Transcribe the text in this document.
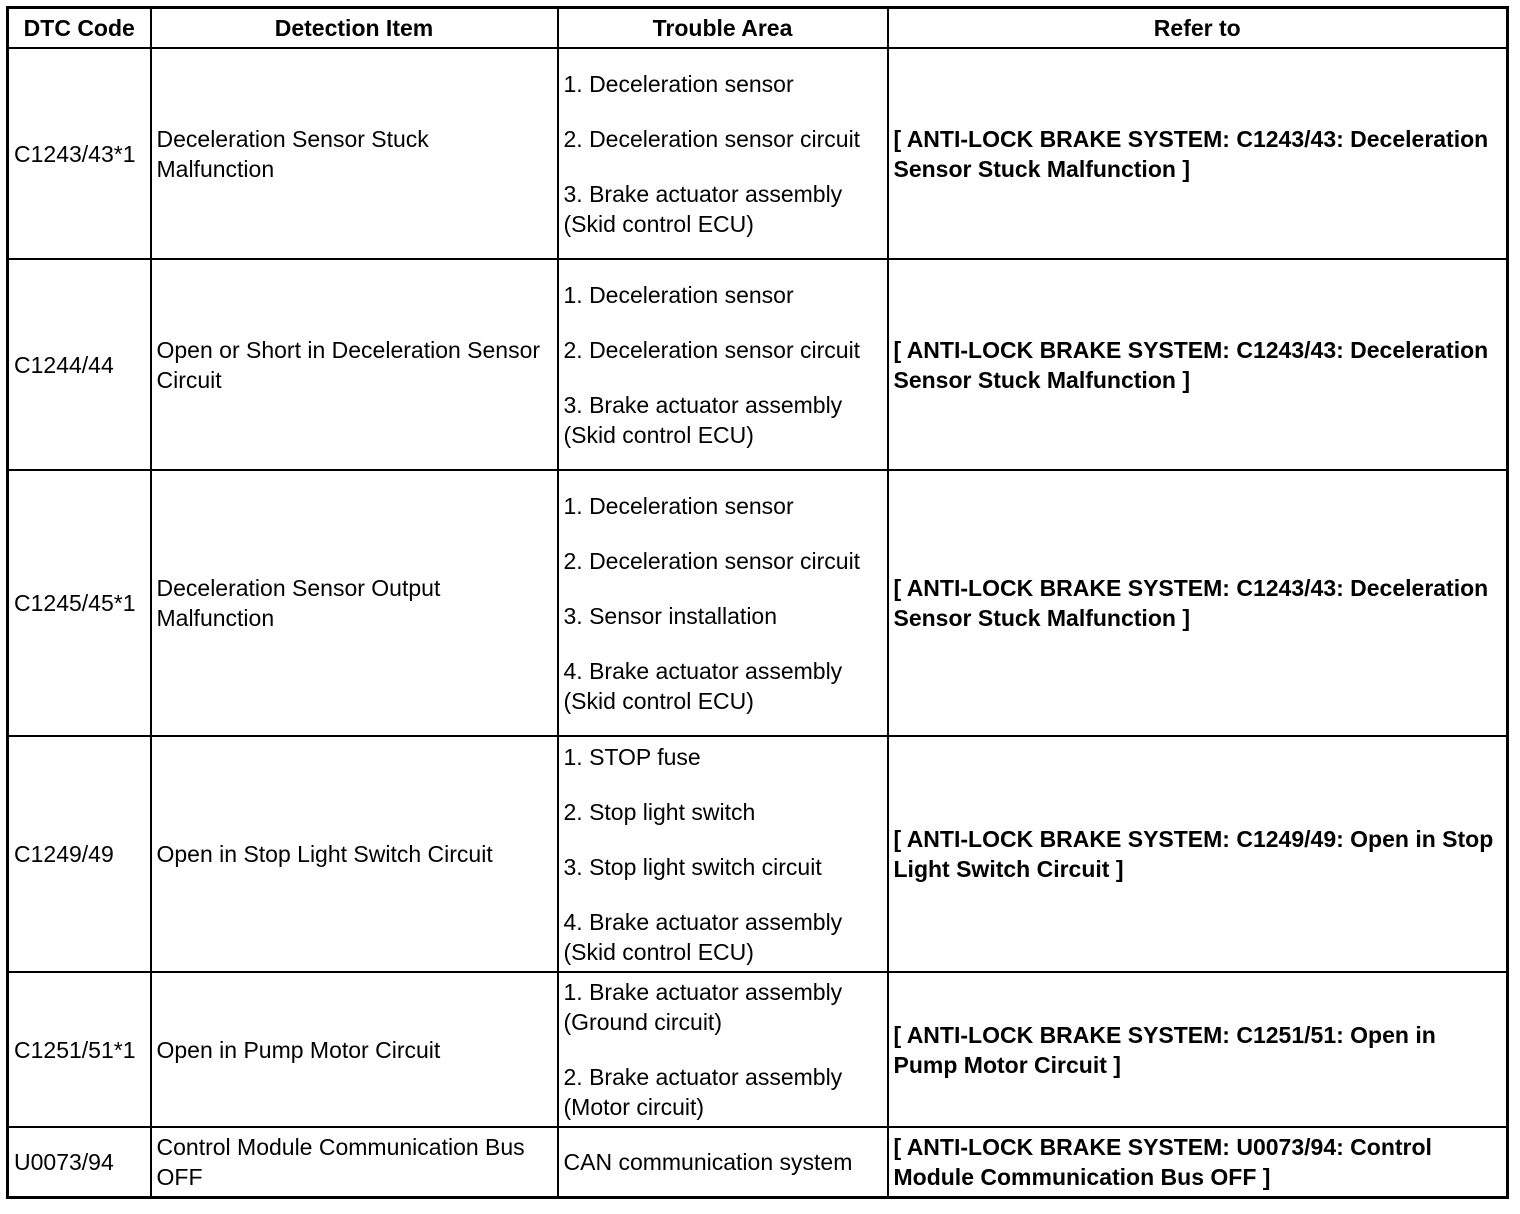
DTC Code	Detection Item	Trouble Area	Refer to
C1243/43*1	Deceleration Sensor Stuck Malfunction	1. Deceleration sensor

2. Deceleration sensor circuit

3. Brake actuator assembly (Skid control ECU)	[ ANTI-LOCK BRAKE SYSTEM: C1243/43: Deceleration Sensor Stuck Malfunction ]
C1244/44	Open or Short in Deceleration Sensor Circuit	1. Deceleration sensor

2. Deceleration sensor circuit

3. Brake actuator assembly (Skid control ECU)	[ ANTI-LOCK BRAKE SYSTEM: C1243/43: Deceleration Sensor Stuck Malfunction ]
C1245/45*1	Deceleration Sensor Output Malfunction	1. Deceleration sensor

2. Deceleration sensor circuit

3. Sensor installation

4. Brake actuator assembly (Skid control ECU)	[ ANTI-LOCK BRAKE SYSTEM: C1243/43: Deceleration Sensor Stuck Malfunction ]
C1249/49	Open in Stop Light Switch Circuit	1. STOP fuse

2. Stop light switch

3. Stop light switch circuit

4. Brake actuator assembly (Skid control ECU)	[ ANTI-LOCK BRAKE SYSTEM: C1249/49: Open in Stop Light Switch Circuit ]
C1251/51*1	Open in Pump Motor Circuit	1. Brake actuator assembly (Ground circuit)

2. Brake actuator assembly (Motor circuit)	[ ANTI-LOCK BRAKE SYSTEM: C1251/51: Open in Pump Motor Circuit ]
U0073/94	Control Module Communication Bus OFF	CAN communication system	[ ANTI-LOCK BRAKE SYSTEM: U0073/94: Control Module Communication Bus OFF ]
